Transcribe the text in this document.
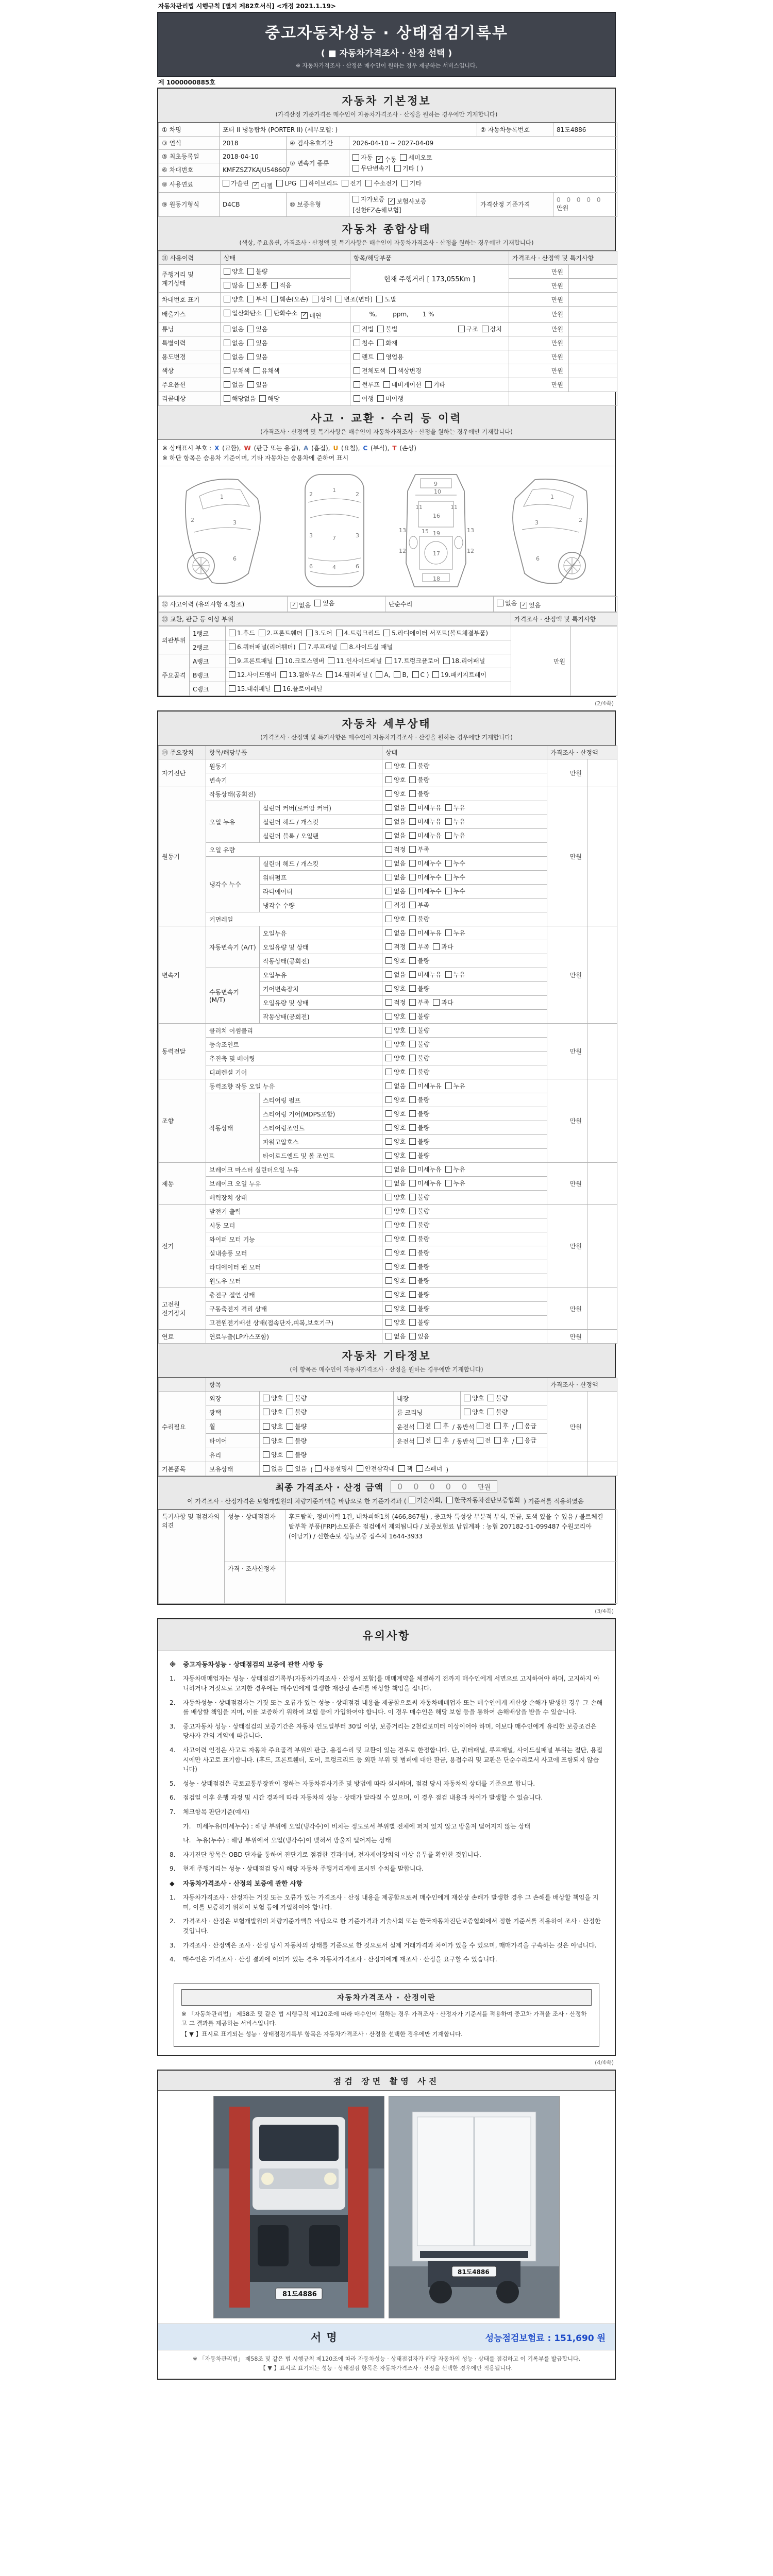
자동차관리법 시행규칙 [별지 제82호서식] <개정 2021.1.19>
중고자동차성능 · 상태점검기록부
( ■ 자동차가격조사 · 산정 선택 )
※ 자동차가격조사 · 산정은 매수인이 원하는 경우 제공하는 서비스입니다.
제 1000000885호
자동차 기본정보
(가격산정 기준가격은 매수인이 자동차가격조사 · 산정을 원하는 경우에만 기재합니다)
① 차명	포터 II 냉동탑차 (PORTER II) (세부모델: )			② 자동차등록번호	81도4886
③ 연식	2018	④ 검사유효기간	2026-04-10 ~ 2027-04-09		
⑤ 최초등록일	2018-04-10	⑦ 변속기 종류	
자동 ✓ 수동 세미오토
무단변속기 기타 ( )

⑥ 차대번호	KMFZSZ7KAJU548607				
⑧ 사용연료	가솔린 ✓ 디젤 LPG 하이브리드 전기 수소전기 기타

⑨ 원동기형식	D4CB	⑩ 보증유형	자가보증 ✓ 보험사보증
[신한EZ손해보험]	가격산정 기준가격	0 0 0 0 0 만원
자동차 종합상태
(색상, 주요옵션, 가격조사 · 산정액 및 특기사항은 매수인이 자동차가격조사 · 산정을 원하는 경우에만 기재합니다)
⑪ 사용이력	상태	항목/해당부품	가격조사 · 산정액 및 특기사항	
주행거리 및 계기상태	양호 불량	현재 주행거리 [ 173,055Km ]	만원	

	많음 보통 적음		만원	
차대번호 표기	양호 부식 훼손(오손) 상이 변조(변타) 도말	만원	
배출가스	일산화탄소 탄화수소 ✓ 매연	%,        ppm,       1 %	만원	
튜닝	없음 있음	적법 불법 구조 장치	만원	
특별이력	없음 있음	침수 화재	만원	
용도변경	없음 있음	렌트 영업용	만원	
색상	무채색 유채색	전체도색 색상변경	만원	
주요옵션	없음 있음	썬루프 네비게이션 기타	만원	
리콜대상	해당없음 해당	이행 미이행		

사고 · 교환 · 수리 등 이력
(가격조사 · 산정액 및 특기사항은 매수인이 자동차가격조사 · 산정을 원하는 경우에만 기재합니다)
※ 상태표시 부호 : X (교환), W (판금 또는 용접), A (흠집), U (요철), C (부식), T (손상)
※ 하단 항목은 승용차 기준이며, 기타 자동차는 승용차에 준하여 표시
1
2	3
6
1
7
4
2	2
3	3
6	6
9
10
11	11
16
15
13	13
12	12
19
17
18
1
2
3
6
⑫ 사고이력 (유의사항 4.참조)	✓ 없음 있음	단순수리	없음 ✓ 있음
⑬ 교환, 판금 등 이상 부위	가격조사 · 산정액 및 특기사항
외판부위	1랭크	1.후드 2.프론트휀더 3.도어 4.트렁크리드 5.라디에이터 서포트(볼트체결부품)	만원	
	2랭크	6.쿼터패널(리어휀더) 7.루프패널 8.사이드실 패널		

주요골격	A랭크	9.프론트패널 10.크로스멤버 11.인사이드패널 17.트렁크플로어 18.리어패널		

B랭크	12.사이드멤버 13.휠하우스 14.필러패널 ( A, B, C ) 19.패키지트레이

	C랭크	15.대쉬패널 16.플로어패널		
(2/4쪽)
자동차 세부상태
(가격조사 · 산정액 및 특기사항은 매수인이 자동차가격조사 · 산정을 원하는 경우에만 기재합니다)
⑭ 주요장치	항목/해당부품		상태	가격조사 · 산정액	
자기진단	원동기		양호 불량	만원	
	변속기		양호 불량		

원동기	작동상태(공회전)		양호 불량	만원	
	오일 누유	실린더 커버(로커암 커버)	없음 미세누유 누유		

		실린더 헤드 / 개스킷	없음 미세누유 누유		

		실린더 블록 / 오일팬	없음 미세누유 누유		

	오일 유량		적정 부족		

	냉각수 누수	실린더 헤드 / 개스킷	없음 미세누수 누수		

		워터펌프	없음 미세누수 누수		

		라디에이터	없음 미세누수 누수		

		냉각수 수량	적정 부족		

	커먼레일		양호 불량		

변속기	자동변속기 (A/T)	오일누유	없음 미세누유 누유	만원	
		오일유량 및 상태	적정 부족 과다		

		작동상태(공회전)	양호 불량		

	수동변속기 (M/T)	오일누유	없음 미세누유 누유		

		기어변속장치	양호 불량		

		오일유량 및 상태	적정 부족 과다		

		작동상태(공회전)	양호 불량		

동력전달	클러치 어셈블리		양호 불량	만원	
	등속조인트		양호 불량		

	추진축 및 베어링		양호 불량		

	디퍼렌셜 기어		양호 불량		

조향	동력조향 작동 오일 누유		없음 미세누유 누유	만원	
	작동상태	스티어링 펌프	양호 불량		

		스티어링 기어(MDPS포함)	양호 불량		

		스티어링조인트	양호 불량		

		파워고압호스	양호 불량		

		타이로드엔드 및 볼 조인트	양호 불량		

제동	브레이크 마스터 실린더오일 누유		없음 미세누유 누유	만원	
	브레이크 오일 누유		없음 미세누유 누유		

	배력장치 상태		양호 불량		

전기	발전기 출력		양호 불량	만원	
	시동 모터		양호 불량		

	와이퍼 모터 기능		양호 불량		

	실내송풍 모터		양호 불량		

	라디에이터 팬 모터		양호 불량		

	윈도우 모터		양호 불량		

고전원 전기장치	충전구 절연 상태		양호 불량	만원	
	구동축전지 격리 상태		양호 불량		

	고전원전기배선 상태(접속단자,피복,보호기구)		양호 불량		

연료	연료누출(LP가스포함)		없음 있음	만원	
자동차 기타정보
(이 항목은 매수인이 자동차가격조사 · 산정을 원하는 경우에만 기재합니다)
	항목				가격조사 · 산정액	
수리필요	외장	양호 불량	내장	양호 불량	만원	
	광택	양호 불량	룸 크리닝	양호 불량		

휠	양호 불량	운전석 전 후 / 동반석 전 후 / 응급

타이어	양호 불량	운전석 전 후 / 동반석 전 후 / 응급

	유리	양호 불량				

기본품목	보유상태	없음 있음 ( 사용설명서 안전삼각대 잭 스패너 )		
최종 가격조사 · 산정 금액	0 0 0 0 0 만원
이 가격조사 · 산정가격은 보험개발원의 차량기준가액을 바탕으로 한 기준가격과 ( 기술사회, 한국자동차진단보증협회 ) 기준서를 적용하였음
특기사항 및 점검자의 의견	성능 · 상태점검자	후드탈착, 정비이력 1건, 내차피해1회 (466,867원) , 중고차 특성상 부분적 부식, 판금, 도색 있을 수 있음 / 볼트체결 탈부착 부품(FRP)소모품은 점검에서 제외됩니다 / 보증보험료 납입계좌 : 농협 207182-51-099487 수원코리아(이남기) / 신한손보 성능보증 접수처 1644-3933
	가격 · 조사산정자	
(3/4쪽)
유의사항
※	중고자동차성능 · 상태점검의 보증에 관한 사항 등
1.	자동차매매업자는 성능 · 상태점검기록부(자동차가격조사 · 산정서 포함)를 매매계약을 체결하기 전까지 매수인에게 서면으로 고지하여야 하며, 고지하지 아니하거나 거짓으로 고지한 경우에는 매수인에게 발생한 재산상 손해를 배상할 책임을 집니다.
2.	자동차성능 · 상태점검자는 거짓 또는 오류가 있는 성능 · 상태점검 내용을 제공함으로써 자동차매매업자 또는 매수인에게 재산상 손해가 발생한 경우 그 손해를 배상할 책임을 지며, 이를 보증하기 위하여 보험 등에 가입하여야 합니다. 이 경우 매수인은 해당 보험 등을 통하여 손해배상을 받을 수 있습니다.
3.	중고자동차 성능 · 상태점검의 보증기간은 자동차 인도일부터 30일 이상, 보증거리는 2천킬로미터 이상이어야 하며, 이보다 매수인에게 유리한 보증조건은 당사자 간의 계약에 따릅니다.
4.	사고이력 인정은 사고로 자동차 주요골격 부위의 판금, 용접수리 및 교환이 있는 경우로 한정합니다. 단, 쿼터패널, 루프패널, 사이드실패널 부위는 절단, 용접 시에만 사고로 표기합니다. (후드, 프론트휀더, 도어, 트렁크리드 등 외판 부위 및 범퍼에 대한 판금, 용접수리 및 교환은 단순수리로서 사고에 포함되지 않습니다)
5.	성능 · 상태점검은 국토교통부장관이 정하는 자동차검사기준 및 방법에 따라 실시하며, 점검 당시 자동차의 상태를 기준으로 합니다.
6.	점검일 이후 운행 과정 및 시간 경과에 따라 자동차의 성능 · 상태가 달라질 수 있으며, 이 경우 점검 내용과 차이가 발생할 수 있습니다.
7.	체크항목 판단기준(예시)
가. 미세누유(미세누수) : 해당 부위에 오일(냉각수)이 비치는 정도로서 부위별 전체에 퍼져 있지 않고 방울져 떨어지지 않는 상태
나. 누유(누수) : 해당 부위에서 오일(냉각수)이 맺혀서 방울져 떨어지는 상태
8.	자기진단 항목은 OBD 단자를 통하여 진단기로 점검한 결과이며, 전자제어장치의 이상 유무를 확인한 것입니다.
9.	현재 주행거리는 성능 · 상태점검 당시 해당 자동차 주행거리계에 표시된 수치를 말합니다.
◆	자동차가격조사 · 산정의 보증에 관한 사항
1.	자동차가격조사 · 산정자는 거짓 또는 오류가 있는 가격조사 · 산정 내용을 제공함으로써 매수인에게 재산상 손해가 발생한 경우 그 손해를 배상할 책임을 지며, 이를 보증하기 위하여 보험 등에 가입하여야 합니다.
2.	가격조사 · 산정은 보험개발원의 차량기준가액을 바탕으로 한 기준가격과 기술사회 또는 한국자동차진단보증협회에서 정한 기준서를 적용하여 조사 · 산정한 것입니다.
3.	가격조사 · 산정액은 조사 · 산정 당시 자동차의 상태를 기준으로 한 것으로서 실제 거래가격과 차이가 있을 수 있으며, 매매가격을 구속하는 것은 아닙니다.
4.	매수인은 가격조사 · 산정 결과에 이의가 있는 경우 자동차가격조사 · 산정자에게 재조사 · 산정을 요구할 수 있습니다.
자동차가격조사 · 산정이란
※ 「자동차관리법」 제58조 및 같은 법 시행규칙 제120조에 따라 매수인이 원하는 경우 가격조사 · 산정자가 기준서를 적용하여 중고차 가격을 조사 · 산정하고 그 결과를 제공하는 서비스입니다.
【 ▼ 】표시로 표기되는 성능 · 상태점검기록부 항목은 자동차가격조사 · 산정을 선택한 경우에만 기재합니다.
(4/4쪽)
점검 장면 촬영 사진
81도4886
81도4886
서명	성능점검보험료 : 151,690 원
※ 「자동차관리법」 제58조 및 같은 법 시행규칙 제120조에 따라 자동차성능 · 상태점검자가 해당 자동차의 성능 · 상태를 점검하고 이 기록부를 발급합니다.
【 ▼ 】표시로 표기되는 성능 · 상태점검 항목은 자동차가격조사 · 산정을 선택한 경우에만 적용됩니다.
